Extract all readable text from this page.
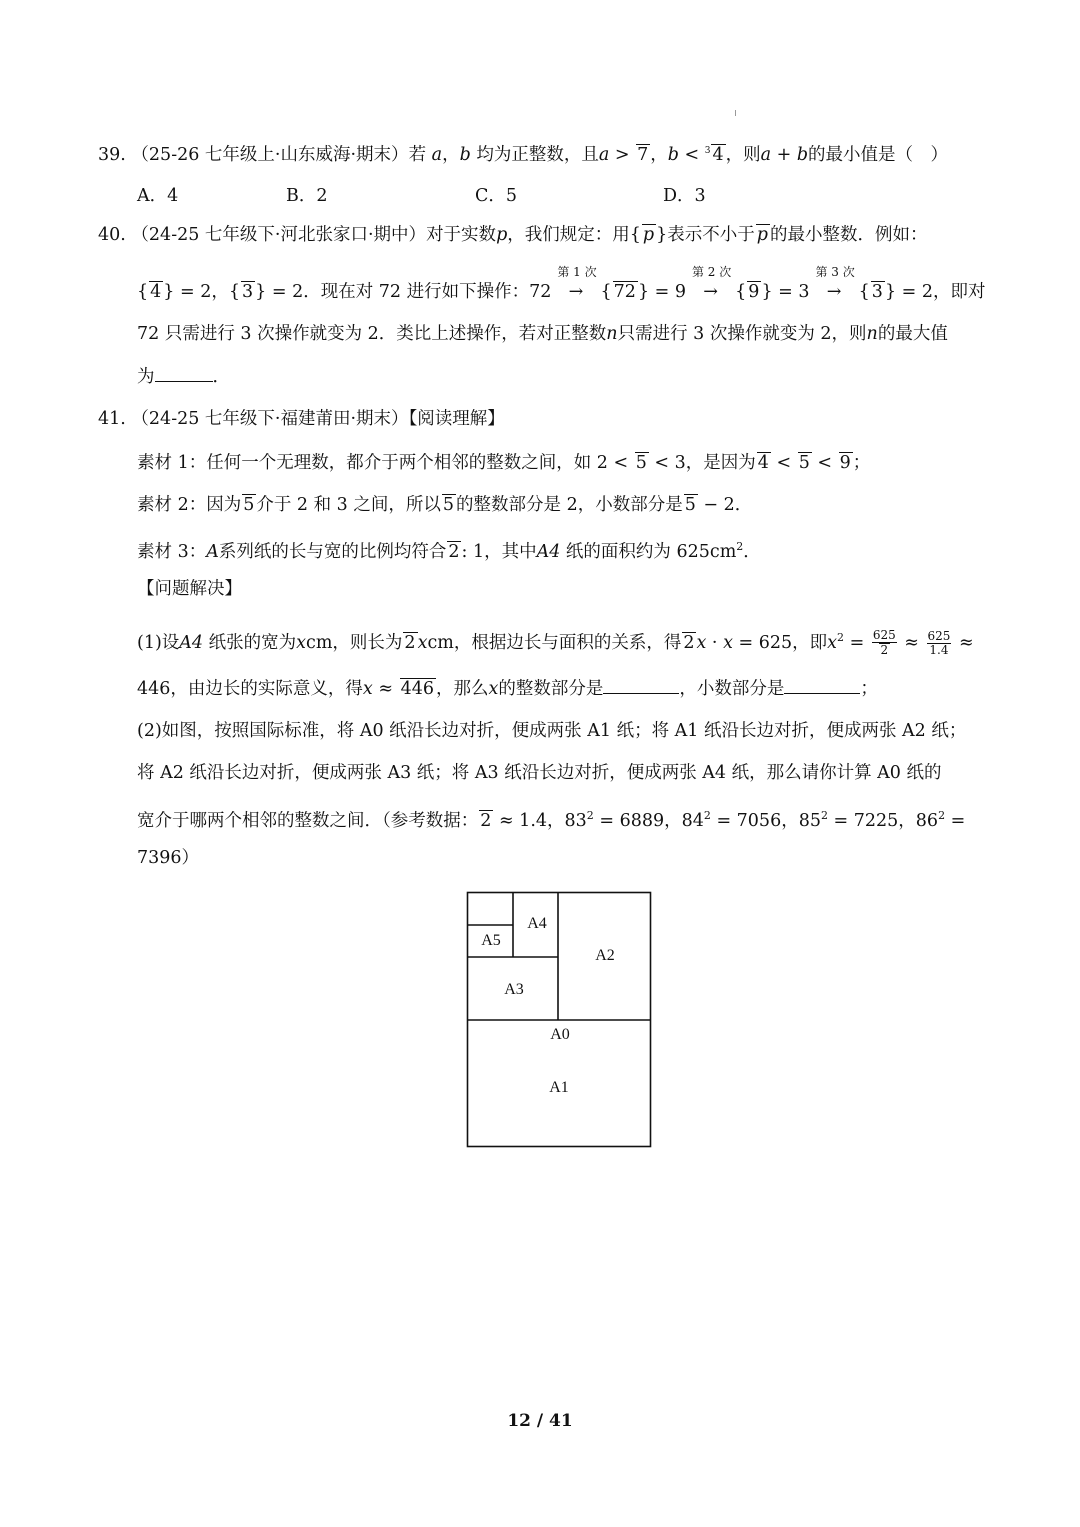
39. （25-26 七年级上·山东威海·期末）若 a，b 均为正整数，且a > 7 ，b < $^3$ 4 ，则a + b的最小值是（　）
A．4	B．2	C．5	D．3
40. （24-25 七年级下·河北张家口·期中）对于实数p，我们规定：用{ p }表示不小于 p 的最小整数．例如：
{ 4 } = 2，{ 3 } = 2．现在对 72 进行如下操作：72
第 1 次
→ { 72 } = 9
第 2 次
→ { 9 } = 3
第 3 次
→ { 3 } = 2，即对
72 只需进行 3 次操作就变为 2．类比上述操作，若对正整数n只需进行 3 次操作就变为 2，则n的最大值
为	．
41. （24-25 七年级下·福建莆田·期末）【阅读理解】
素材 1：任何一个无理数，都介于两个相邻的整数之间，如 2 < 5 < 3，是因为 4 < 5 < 9 ；
素材 2：因为 5 介于 2 和 3 之间，所以 5 的整数部分是 2，小数部分是 5 − 2．
素材 3：A系列纸的长与宽的比例均符合 2 : 1，其中A4 纸的面积约为 $625cm^2$．
【问题解决】
(1)设A4 纸张的宽为xcm，则长为 2 xcm，根据边长与面积的关系，得 2 x · x = 625，即$x^2 = \frac{625}{2} \approx \frac{625}{1.4}$ ≈
446，由边长的实际意义，得x ≈ 446 ，那么x的整数部分是	，小数部分是	；
(2)如图，按照国际标准，将 A0 纸沿长边对折，便成两张 A1 纸；将 A1 纸沿长边对折，便成两张 A2 纸；
将 A2 纸沿长边对折，便成两张 A3 纸；将 A3 纸沿长边对折，便成两张 A4 纸，那么请你计算 A0 纸的
宽介于哪两个相邻的整数之间．（参考数据： 2 ≈ 1.4，$83^2 = 6889$，$84^2 = 7056$，$85^2 = 7225$，$86^2$ =
7396）
A5
A4
A2
A3
A0
A1
12 / 41
